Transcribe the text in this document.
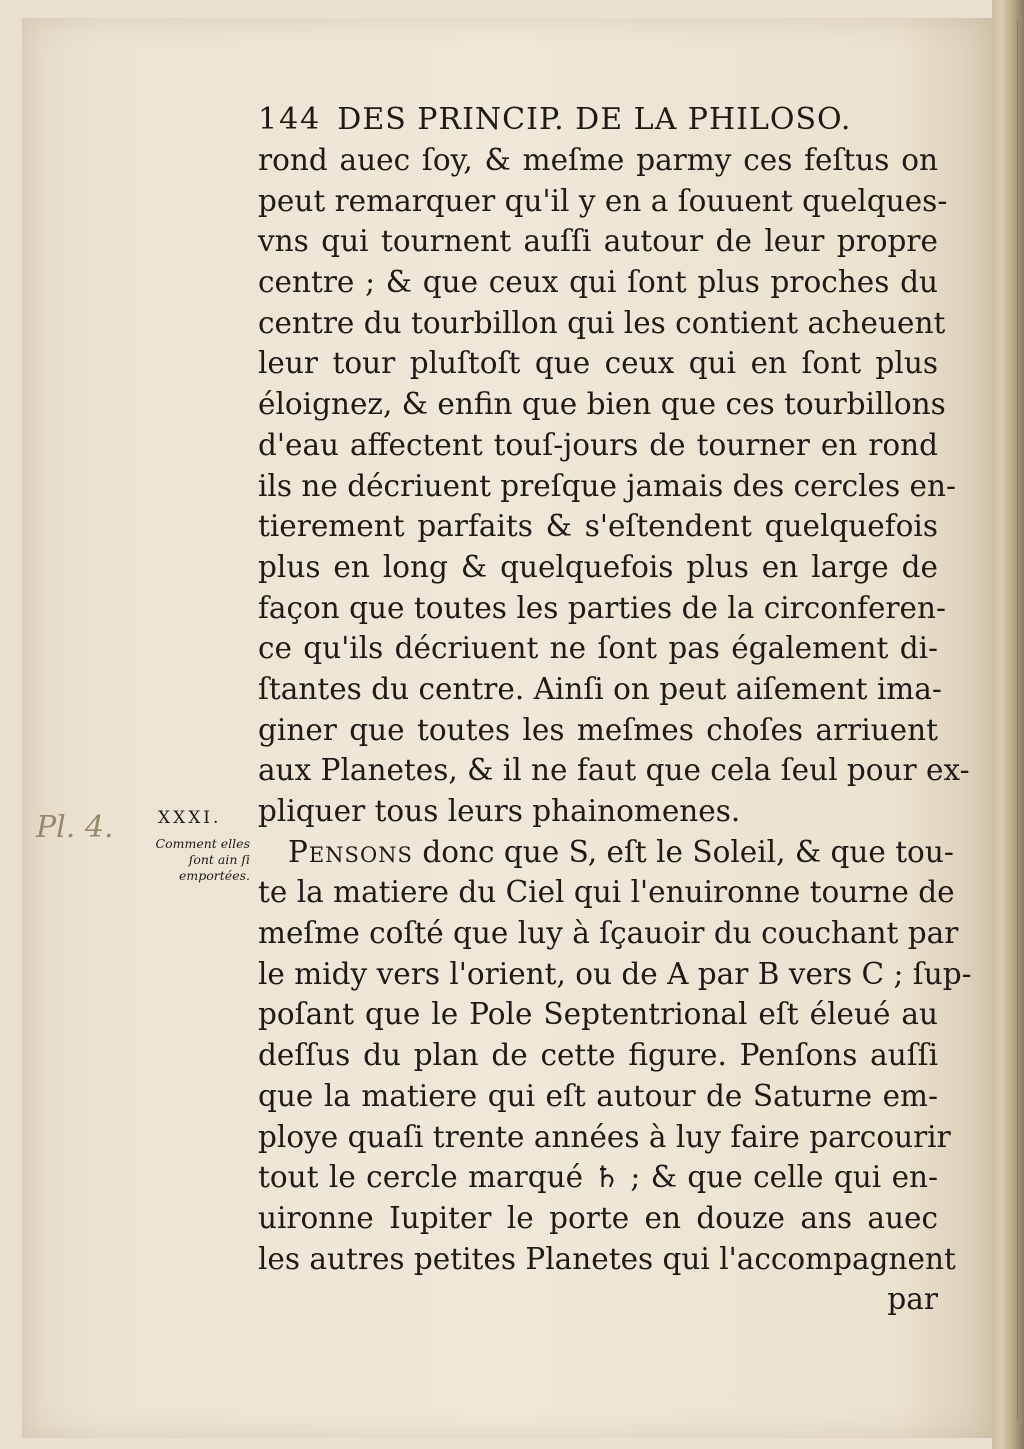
Pl. 4.	XXXI.
Comment elles ſont ain ſi emportées.
144 DES PRINCIP. DE LA PHILOSO.
rond auec ſoy, & meſme parmy ces feſtus on
peut remarquer qu'il y en a ſouuent quelques-
vns qui tournent auſſi autour de leur propre
centre ; & que ceux qui ſont plus proches du
centre du tourbillon qui les contient acheuent
leur tour pluſtoſt que ceux qui en ſont plus
éloignez, & enfin que bien que ces tourbillons
d'eau affectent touſ-jours de tourner en rond
ils ne décriuent preſque jamais des cercles en-
tierement parfaits & s'eſtendent quelquefois
plus en long & quelquefois plus en large de
façon que toutes les parties de la circonferen-
ce qu'ils décriuent ne ſont pas également di-
ſtantes du centre. Ainſi on peut aiſement ima-
giner que toutes les meſmes choſes arriuent
aux Planetes, & il ne faut que cela ſeul pour ex-
pliquer tous leurs phainomenes.
Pensons donc que S, eſt le Soleil, & que tou-
te la matiere du Ciel qui l'enuironne tourne de
meſme coſté que luy à ſçauoir du couchant par
le midy vers l'orient, ou de A par B vers C ; ſup-
poſant que le Pole Septentrional eſt éleué au
deſſus du plan de cette figure. Penſons auſſi
que la matiere qui eſt autour de Saturne em-
ploye quaſi trente années à luy faire parcourir
tout le cercle marqué ♄ ; & que celle qui en-
uironne Iupiter le porte en douze ans auec
les autres petites Planetes qui l'accompagnent
par
